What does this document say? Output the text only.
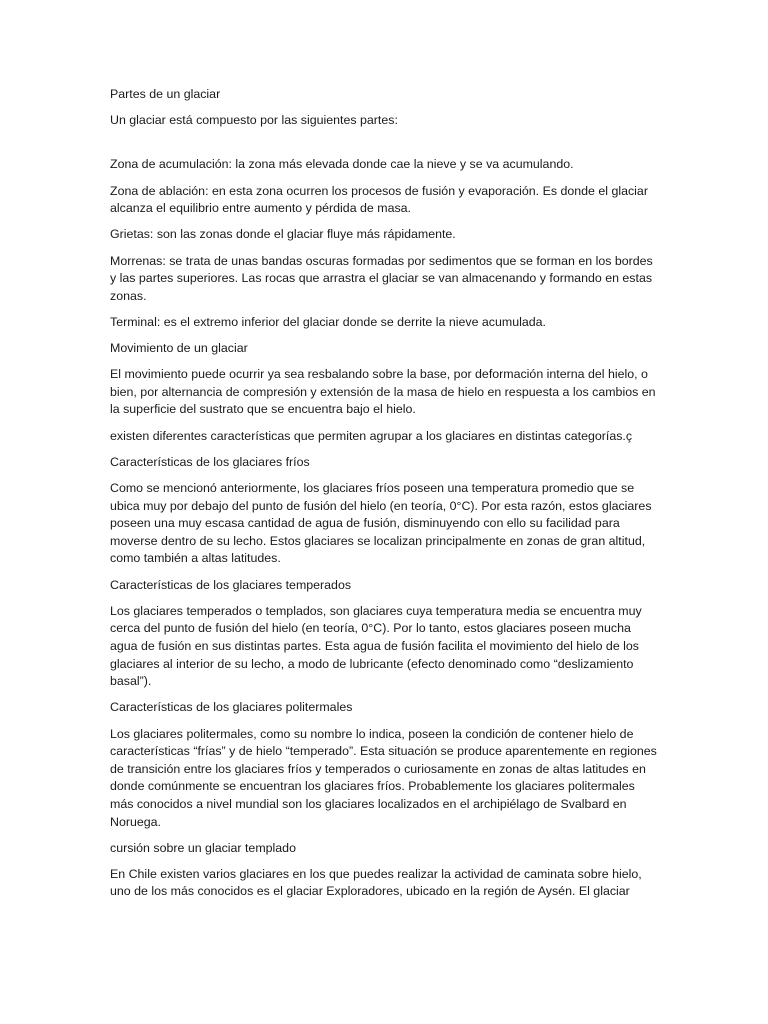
Partes de un glaciar

Un glaciar está compuesto por las siguientes partes:

Zona de acumulación: la zona más elevada donde cae la nieve y se va acumulando.

Zona de ablación: en esta zona ocurren los procesos de fusión y evaporación. Es donde el glaciar alcanza el equilibrio entre aumento y pérdida de masa.

Grietas: son las zonas donde el glaciar fluye más rápidamente.

Morrenas: se trata de unas bandas oscuras formadas por sedimentos que se forman en los bordes y las partes superiores. Las rocas que arrastra el glaciar se van almacenando y formando en estas zonas.

Terminal: es el extremo inferior del glaciar donde se derrite la nieve acumulada.

Movimiento de un glaciar

El movimiento puede ocurrir ya sea resbalando sobre la base, por deformación interna del hielo, o bien, por alternancia de compresión y extensión de la masa de hielo en respuesta a los cambios en la superficie del sustrato que se encuentra bajo el hielo.

existen diferentes características que permiten agrupar a los glaciares en distintas categorías.ç

Características de los glaciares fríos

Como se mencionó anteriormente, los glaciares fríos poseen una temperatura promedio que se ubica muy por debajo del punto de fusión del hielo (en teoría, 0°C). Por esta razón, estos glaciares poseen una muy escasa cantidad de agua de fusión, disminuyendo con ello su facilidad para moverse dentro de su lecho. Estos glaciares se localizan principalmente en zonas de gran altitud, como también a altas latitudes.

Características de los glaciares temperados

Los glaciares temperados o templados, son glaciares cuya temperatura media se encuentra muy cerca del punto de fusión del hielo (en teoría, 0°C). Por lo tanto, estos glaciares poseen mucha agua de fusión en sus distintas partes. Esta agua de fusión facilita el movimiento del hielo de los glaciares al interior de su lecho, a modo de lubricante (efecto denominado como “deslizamiento basal”).

Características de los glaciares politermales

Los glaciares politermales, como su nombre lo indica, poseen la condición de contener hielo de características “frías” y de hielo “temperado”. Esta situación se produce aparentemente en regiones de transición entre los glaciares fríos y temperados o curiosamente en zonas de altas latitudes en donde comúnmente se encuentran los glaciares fríos. Probablemente los glaciares politermales más conocidos a nivel mundial son los glaciares localizados en el archipiélago de Svalbard en Noruega.

cursión sobre un glaciar templado

En Chile existen varios glaciares en los que puedes realizar la actividad de caminata sobre hielo, uno de los más conocidos es el glaciar Exploradores, ubicado en la región de Aysén. El glaciar
